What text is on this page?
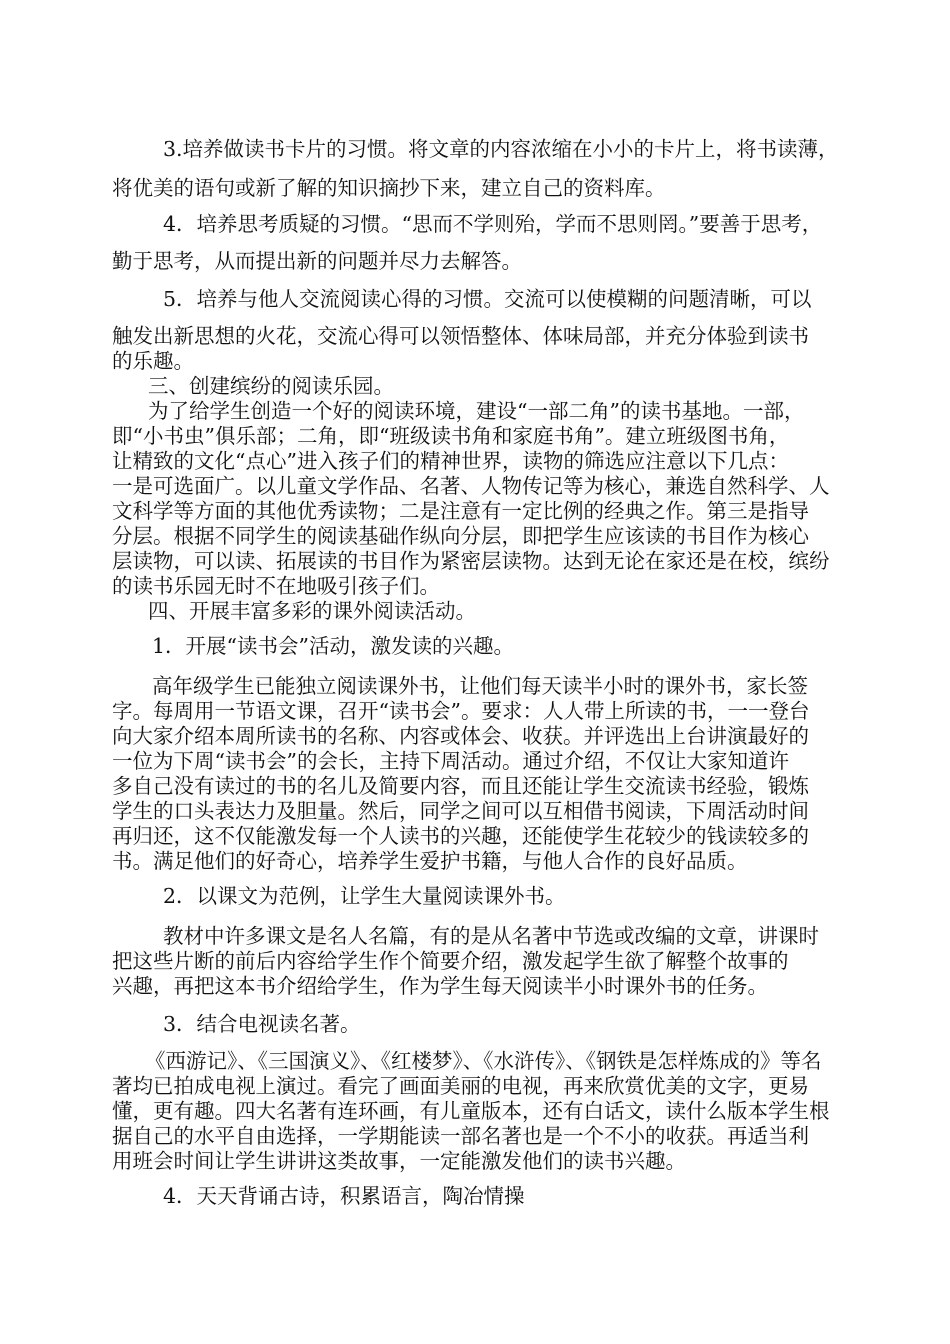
3.培养做读书卡片的习惯。将文章的内容浓缩在小小的卡片上，将书读薄，
将优美的语句或新了解的知识摘抄下来，建立自己的资料库。
4．培养思考质疑的习惯。“思而不学则殆，学而不思则罔。”要善于思考，
勤于思考，从而提出新的问题并尽力去解答。
5．培养与他人交流阅读心得的习惯。交流可以使模糊的问题清晰，可以
触发出新思想的火花，交流心得可以领悟整体、体味局部，并充分体验到读书
的乐趣。
三、创建缤纷的阅读乐园。
为了给学生创造一个好的阅读环境，建设“一部二角”的读书基地。一部，
即“小书虫”俱乐部；二角，即“班级读书角和家庭书角”。建立班级图书角，
让精致的文化“点心”进入孩子们的精神世界，读物的筛选应注意以下几点：
一是可选面广。以儿童文学作品、名著、人物传记等为核心，兼选自然科学、人
文科学等方面的其他优秀读物；二是注意有一定比例的经典之作。第三是指导
分层。根据不同学生的阅读基础作纵向分层，即把学生应该读的书目作为核心
层读物，可以读、拓展读的书目作为紧密层读物。达到无论在家还是在校，缤纷
的读书乐园无时不在地吸引孩子们。
四、开展丰富多彩的课外阅读活动。
1．开展“读书会”活动，激发读的兴趣。
高年级学生已能独立阅读课外书，让他们每天读半小时的课外书，家长签
字。每周用一节语文课，召开“读书会”。要求：人人带上所读的书，一一登台
向大家介绍本周所读书的名称、内容或体会、收获。并评选出上台讲演最好的
一位为下周“读书会”的会长，主持下周活动。通过介绍，不仅让大家知道许
多自己没有读过的书的名儿及简要内容，而且还能让学生交流读书经验，锻炼
学生的口头表达力及胆量。然后，同学之间可以互相借书阅读，下周活动时间
再归还，这不仅能激发每一个人读书的兴趣，还能使学生花较少的钱读较多的
书。满足他们的好奇心，培养学生爱护书籍，与他人合作的良好品质。
2．以课文为范例，让学生大量阅读课外书。
教材中许多课文是名人名篇，有的是从名著中节选或改编的文章，讲课时
把这些片断的前后内容给学生作个简要介绍，激发起学生欲了解整个故事的
兴趣，再把这本书介绍给学生，作为学生每天阅读半小时课外书的任务。
3．结合电视读名著。
《西游记》、《三国演义》、《红楼梦》、《水浒传》、《钢铁是怎样炼成的》等名
著均已拍成电视上演过。看完了画面美丽的电视，再来欣赏优美的文字，更易
懂，更有趣。四大名著有连环画，有儿童版本，还有白话文，读什么版本学生根
据自己的水平自由选择，一学期能读一部名著也是一个不小的收获。再适当利
用班会时间让学生讲讲这类故事，一定能激发他们的读书兴趣。
4．天天背诵古诗，积累语言，陶冶情操
